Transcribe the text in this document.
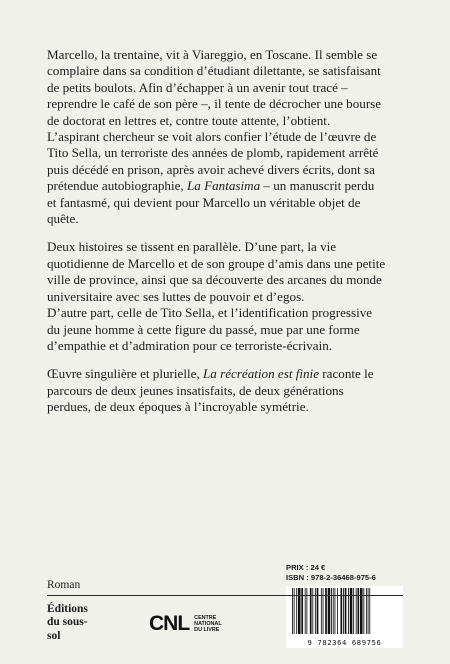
Marcello, la trentaine, vit à Viareggio, en Toscane. Il semble se complaire dans sa condition d’étudiant dilettante, se satisfaisant de petits boulots. Afin d’échapper à un avenir tout tracé – reprendre le café de son père –, il tente de décrocher une bourse de doctorat en lettres et, contre toute attente, l’obtient.

L’aspirant chercheur se voit alors confier l’étude de l’œuvre de Tito Sella, un terroriste des années de plomb, rapidement arrêté puis décédé en prison, après avoir achevé divers écrits, dont sa prétendue autobiographie, La Fantasima – un manuscrit perdu et fantasmé, qui devient pour Marcello un véritable objet de quête.

Deux histoires se tissent en parallèle. D’une part, la vie quotidienne de Marcello et de son groupe d’amis dans une petite ville de province, ainsi que sa découverte des arcanes du monde universitaire avec ses luttes de pouvoir et d’egos.

D’autre part, celle de Tito Sella, et l’identification progressive du jeune homme à cette figure du passé, mue par une forme d’empathie et d’admiration pour ce terroriste-écrivain.

Œuvre singulière et plurielle, La récréation est finie raconte le parcours de deux jeunes insatisfaits, de deux générations perdues, de deux époques à l’incroyable symétrie.

PRIX : 24 €
ISBN : 978-2-36468-975-6
9 782364 689756
Roman
Éditions
du sous-
sol
CNL CENTRE
NATIONAL
DU LIVRE
